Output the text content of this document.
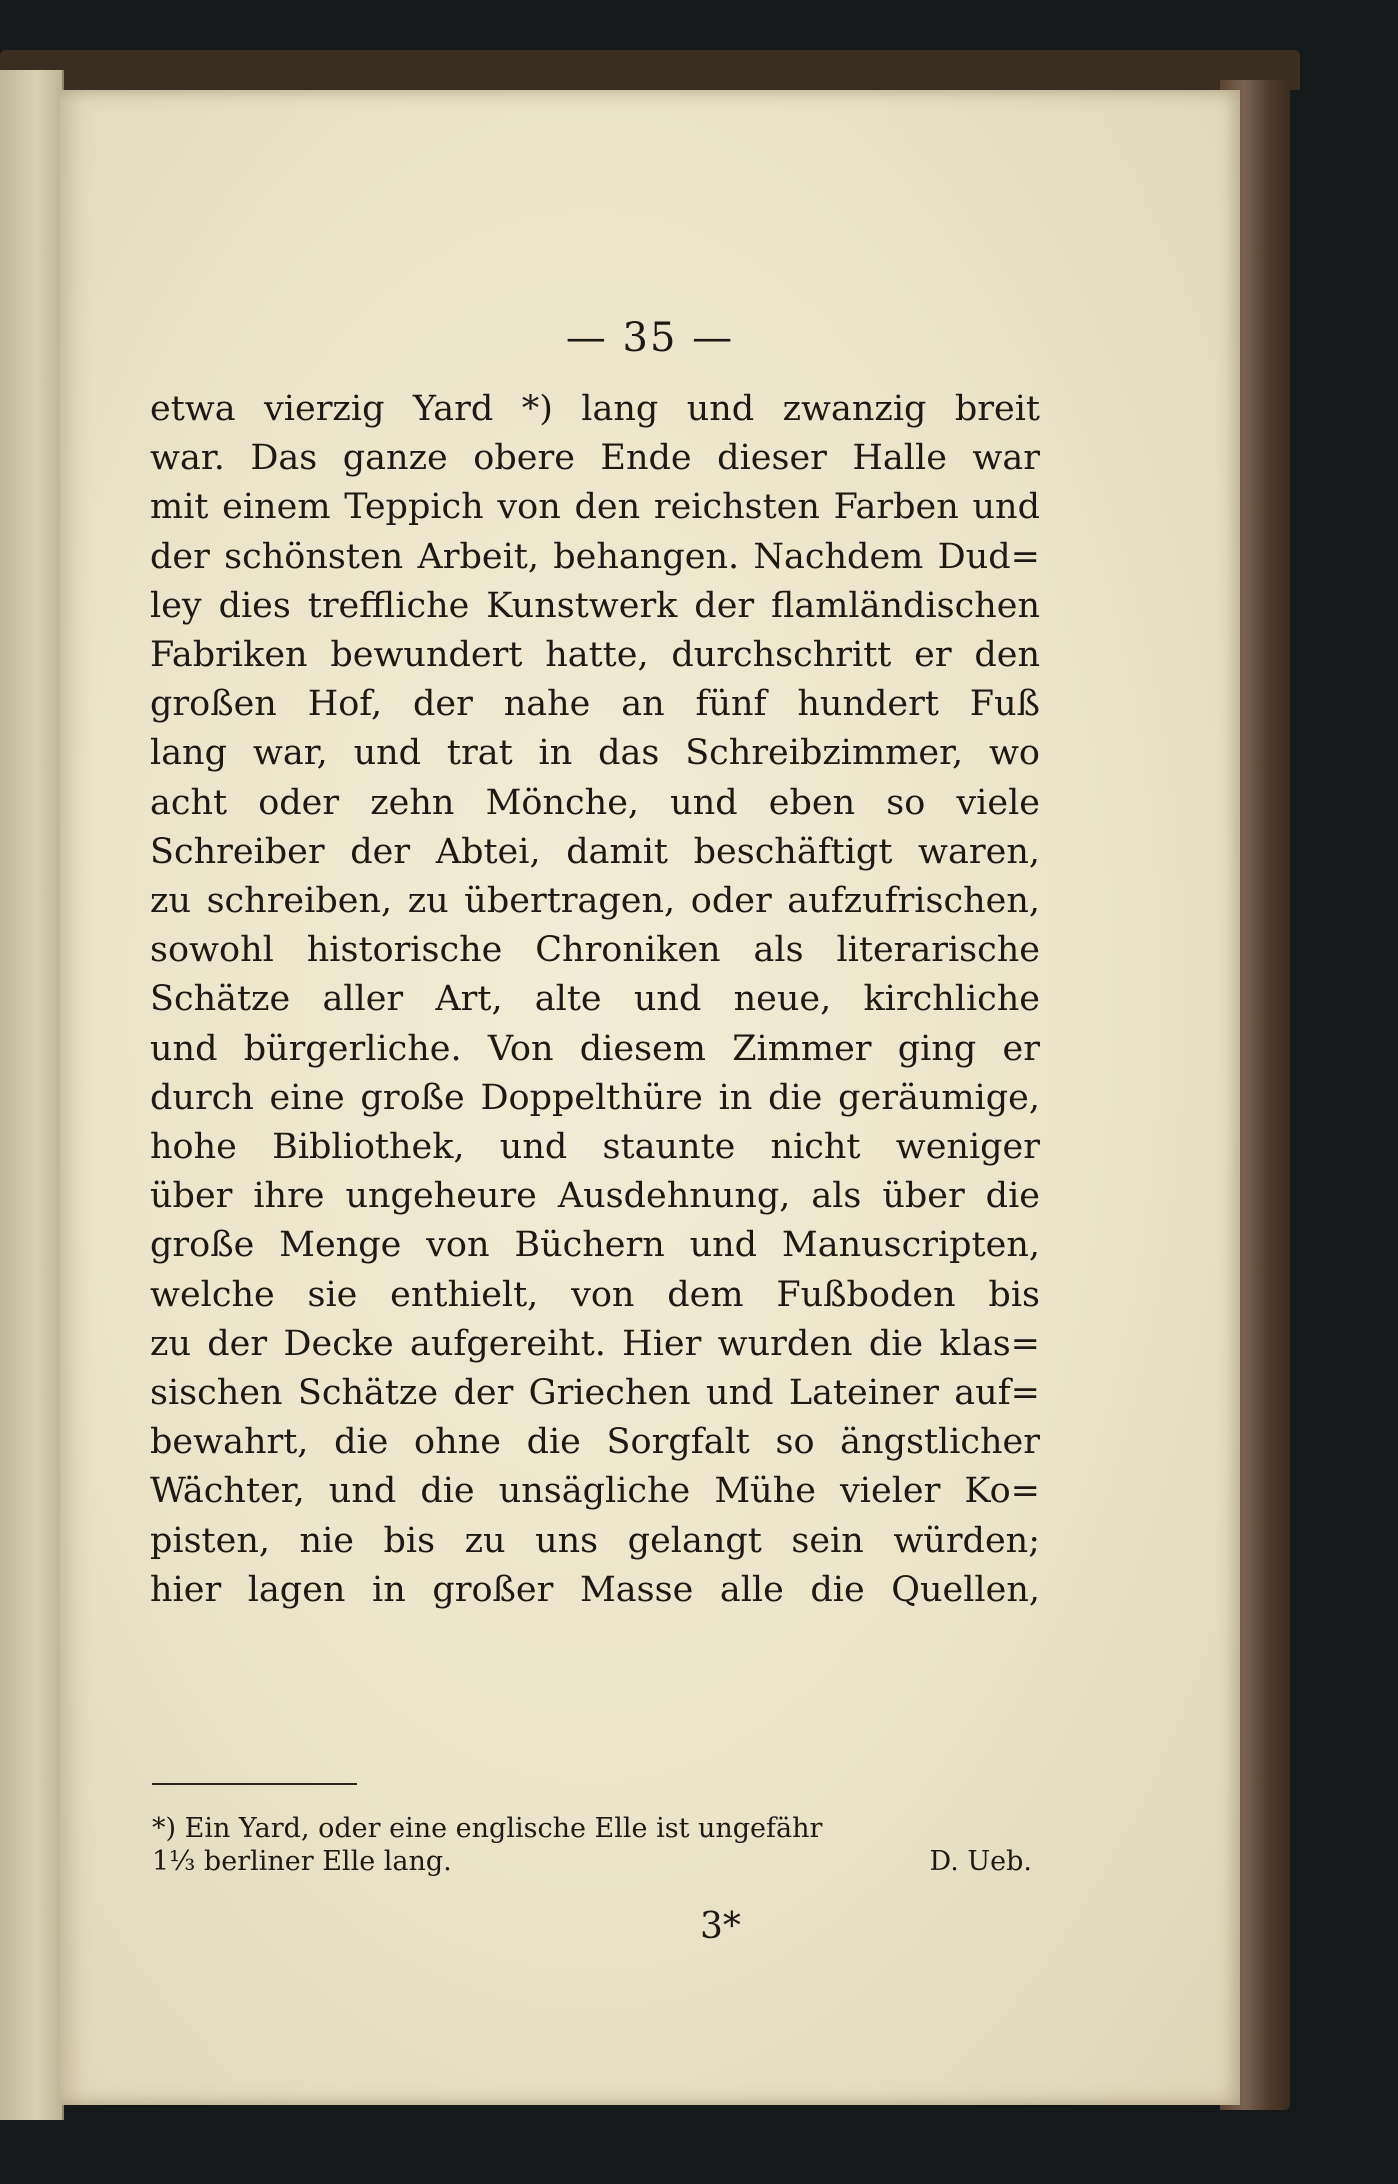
— 35 —
etwa vierzig Yard *) lang und zwanzig breit
war. Das ganze obere Ende dieser Halle war
mit einem Teppich von den reichsten Farben und
der schönsten Arbeit, behangen. Nachdem Dud=
ley dies treffliche Kunstwerk der flamländischen
Fabriken bewundert hatte, durchschritt er den
großen Hof, der nahe an fünf hundert Fuß
lang war, und trat in das Schreibzimmer, wo
acht oder zehn Mönche, und eben so viele
Schreiber der Abtei, damit beschäftigt waren,
zu schreiben, zu übertragen, oder aufzufrischen,
sowohl historische Chroniken als literarische
Schätze aller Art, alte und neue, kirchliche
und bürgerliche. Von diesem Zimmer ging er
durch eine große Doppelthüre in die geräumige,
hohe Bibliothek, und staunte nicht weniger
über ihre ungeheure Ausdehnung, als über die
große Menge von Büchern und Manuscripten,
welche sie enthielt, von dem Fußboden bis
zu der Decke aufgereiht. Hier wurden die klas=
sischen Schätze der Griechen und Lateiner auf=
bewahrt, die ohne die Sorgfalt so ängstlicher
Wächter, und die unsägliche Mühe vieler Ko=
pisten, nie bis zu uns gelangt sein würden;
hier lagen in großer Masse alle die Quellen,
*) Ein Yard, oder eine englische Elle ist ungefähr
1⅓ berliner Elle lang.	D. Ueb.
3*
